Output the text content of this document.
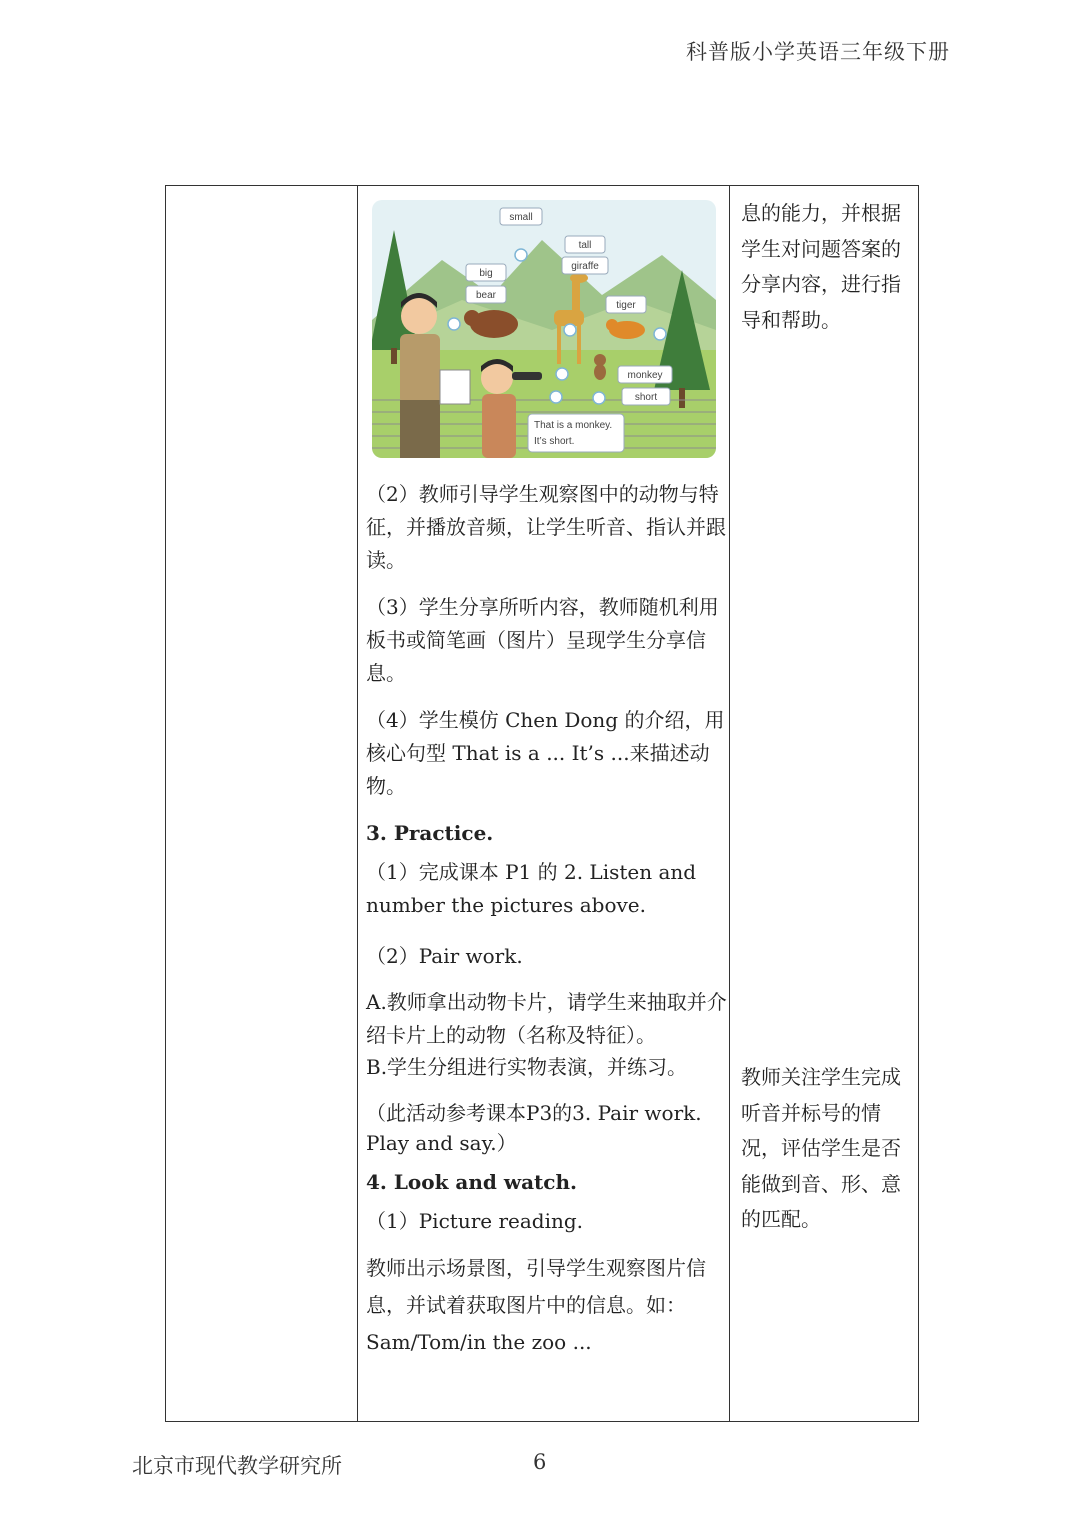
科普版小学英语三年级下册
small
tall
giraffe
big
bear
tiger
monkey
short
That is a monkey.
It’s short.
（2）教师引导学生观察图中的动物与特征，并播放音频，让学生听音、指认并跟读。
（3）学生分享所听内容，教师随机利用板书或简笔画（图片）呈现学生分享信息。
（4）学生模仿 Chen Dong 的介绍，用核心句型 That is a ... It’s ...来描述动物。
3. Practice.
（1）完成课本 P1 的 2. Listen and number the pictures above.
（2）Pair work.
A.教师拿出动物卡片，请学生来抽取并介绍卡片上的动物（名称及特征）。
B.学生分组进行实物表演，并练习。
（此活动参考课本P3的3. Pair work. Play and say.）
4. Look and watch.
（1）Picture reading.
教师出示场景图，引导学生观察图片信息，并试着获取图片中的信息。如：Sam/Tom/in the zoo ...
息的能力，并根据学生对问题答案的分享内容，进行指导和帮助。
教师关注学生完成听音并标号的情况，评估学生是否能做到音、形、意的匹配。
北京市现代教学研究所	6
